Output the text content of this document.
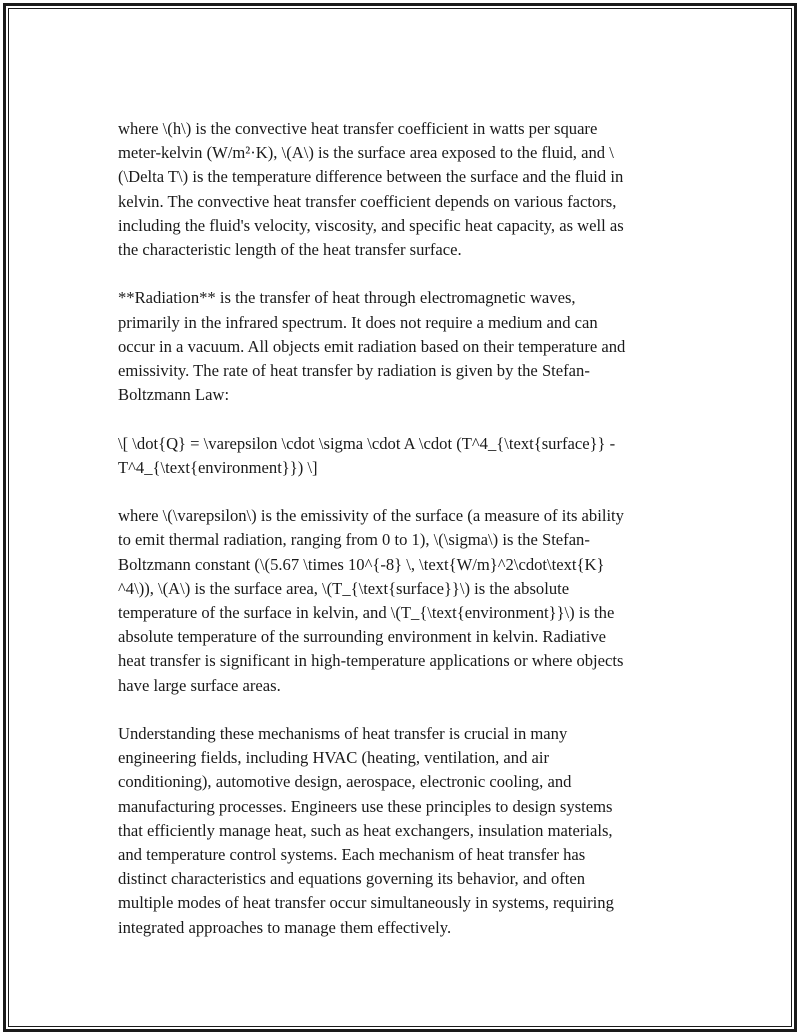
where \(h\) is the convective heat transfer coefficient in watts per square
meter-kelvin (W/m²·K), \(A\) is the surface area exposed to the fluid, and \
(\Delta T\) is the temperature difference between the surface and the fluid in
kelvin. The convective heat transfer coefficient depends on various factors,
including the fluid's velocity, viscosity, and specific heat capacity, as well as
the characteristic length of the heat transfer surface.

**Radiation** is the transfer of heat through electromagnetic waves,
primarily in the infrared spectrum. It does not require a medium and can
occur in a vacuum. All objects emit radiation based on their temperature and
emissivity. The rate of heat transfer by radiation is given by the Stefan-
Boltzmann Law:

\[ \dot{Q} = \varepsilon \cdot \sigma \cdot A \cdot (T^4_{\text{surface}} -
T^4_{\text{environment}}) \]

where \(\varepsilon\) is the emissivity of the surface (a measure of its ability
to emit thermal radiation, ranging from 0 to 1), \(\sigma\) is the Stefan-
Boltzmann constant (\(5.67 \times 10^{-8} \, \text{W/m}^2\cdot\text{K}
^4\)), \(A\) is the surface area, \(T_{\text{surface}}\) is the absolute
temperature of the surface in kelvin, and \(T_{\text{environment}}\) is the
absolute temperature of the surrounding environment in kelvin. Radiative
heat transfer is significant in high-temperature applications or where objects
have large surface areas.

Understanding these mechanisms of heat transfer is crucial in many
engineering fields, including HVAC (heating, ventilation, and air
conditioning), automotive design, aerospace, electronic cooling, and
manufacturing processes. Engineers use these principles to design systems
that efficiently manage heat, such as heat exchangers, insulation materials,
and temperature control systems. Each mechanism of heat transfer has
distinct characteristics and equations governing its behavior, and often
multiple modes of heat transfer occur simultaneously in systems, requiring
integrated approaches to manage them effectively.
